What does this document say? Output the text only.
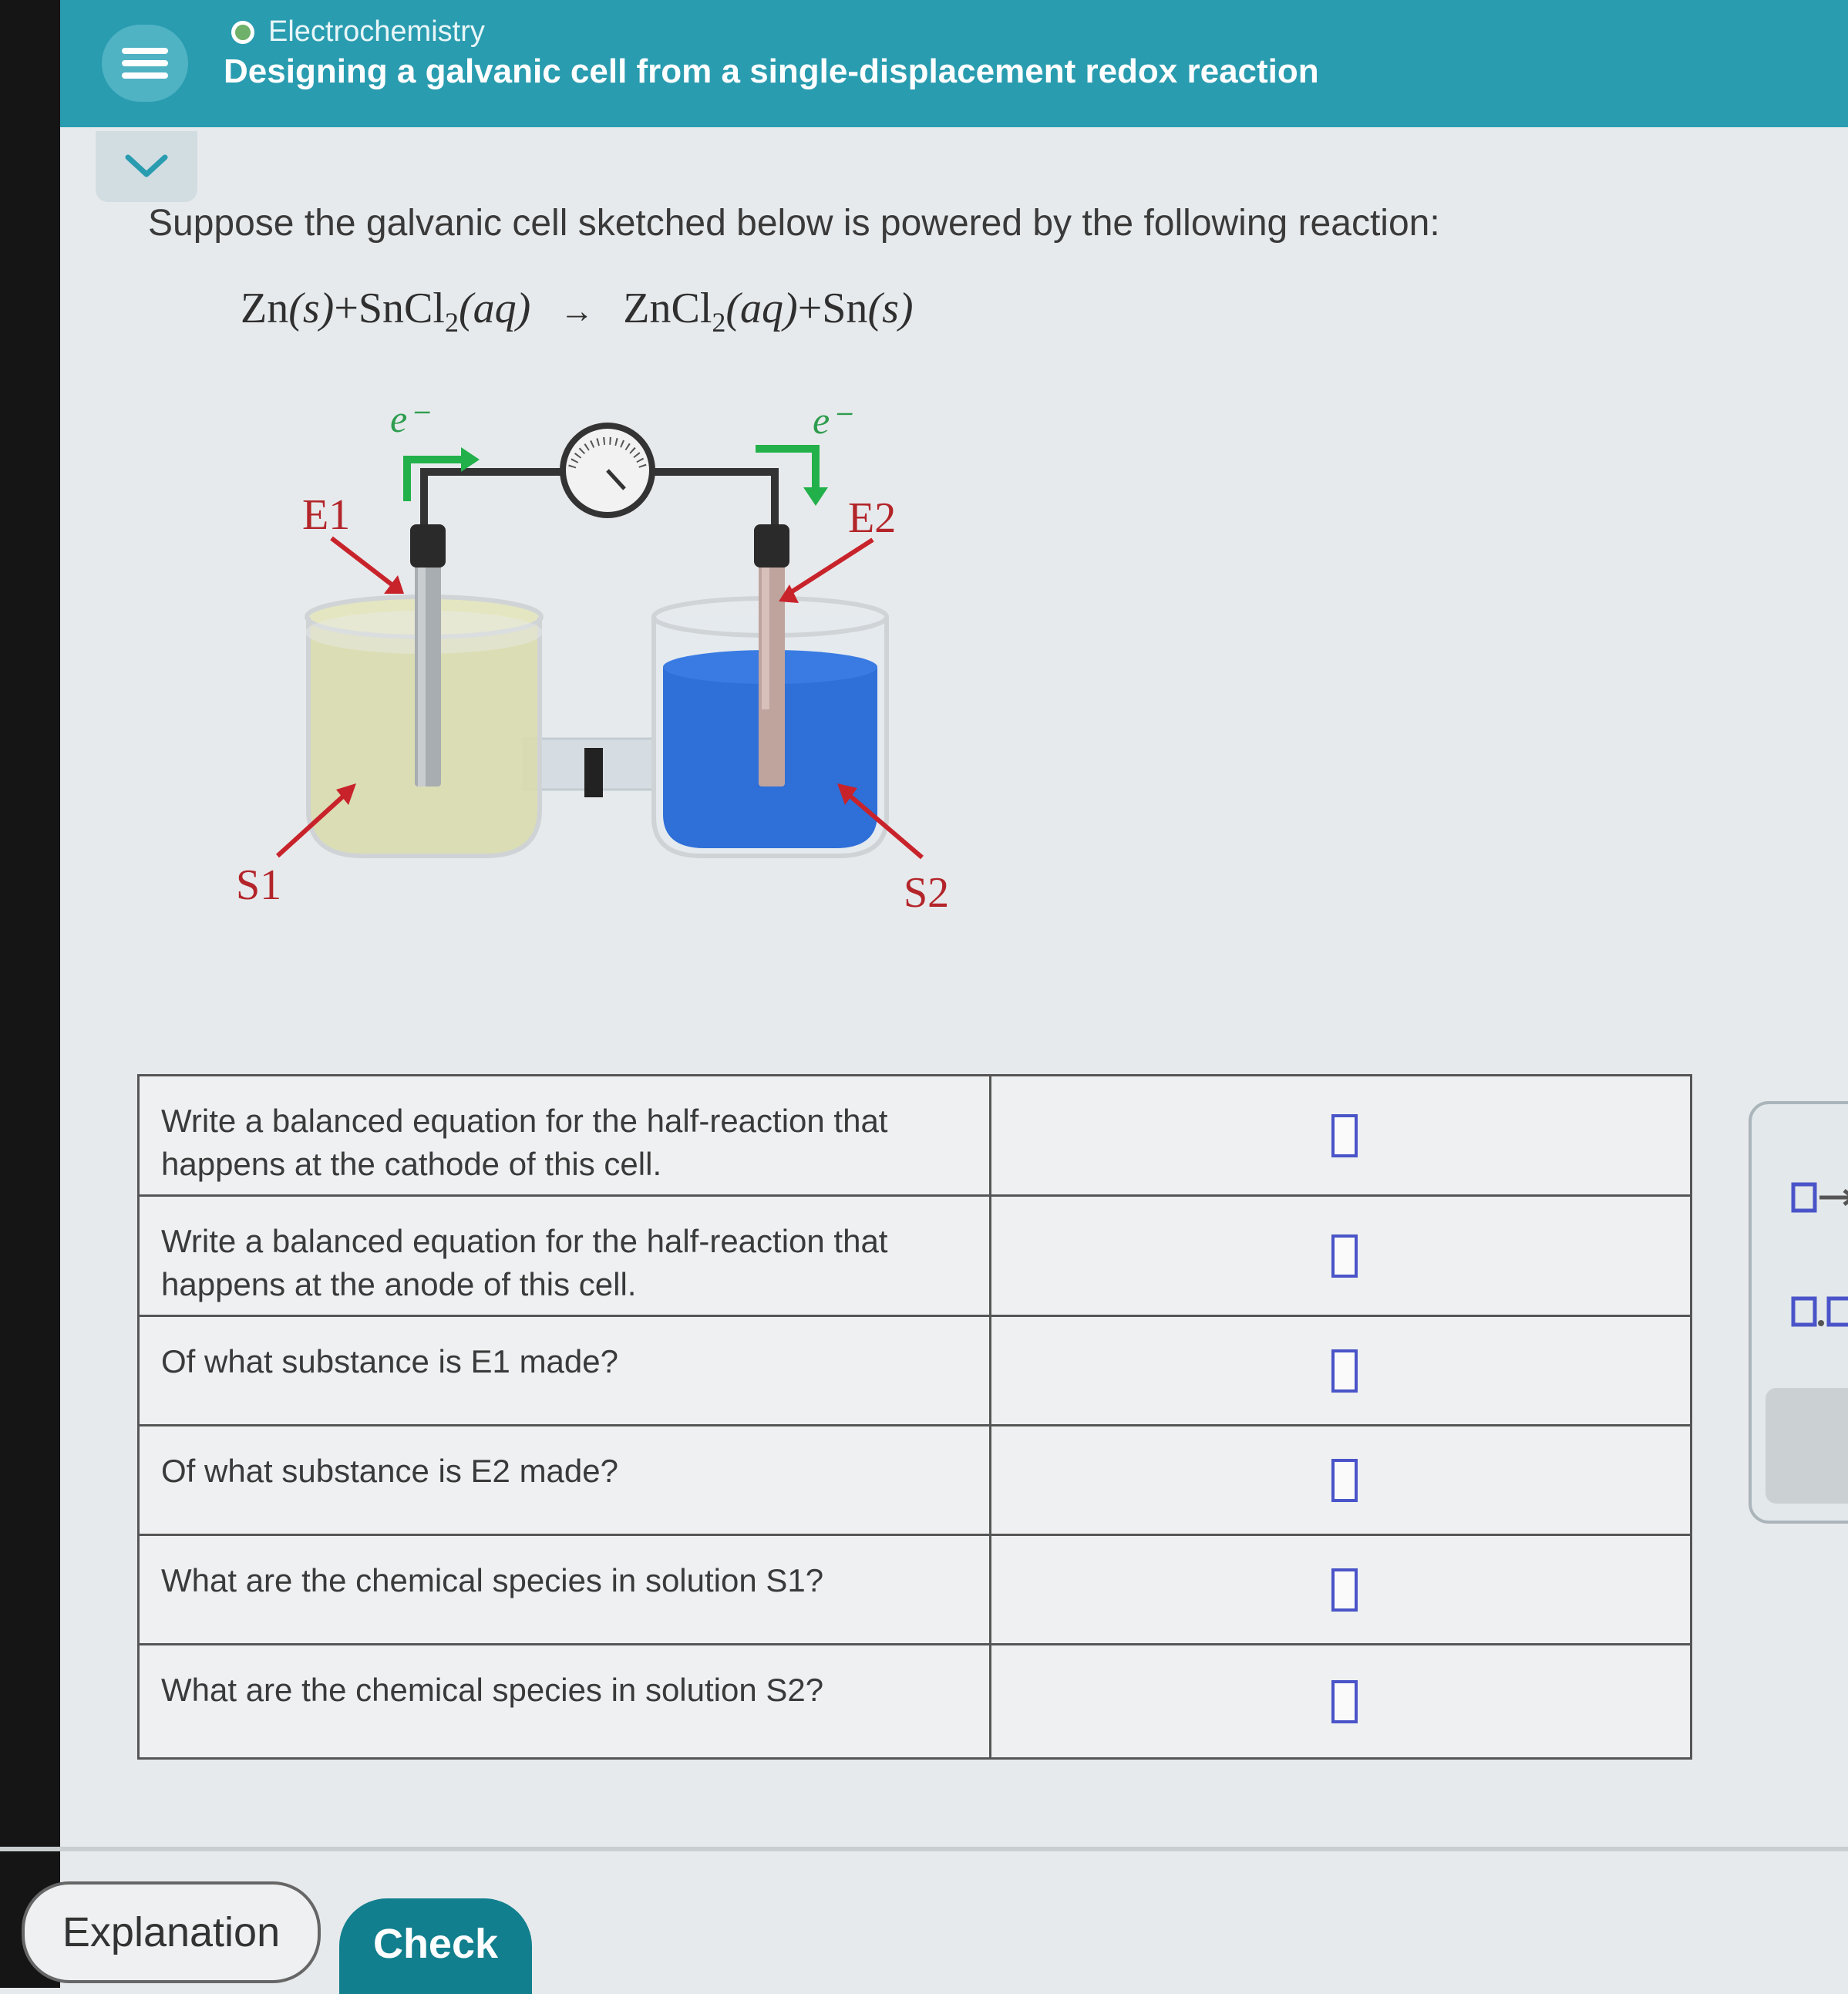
Electrochemistry
Designing a galvanic cell from a single-displacement redox reaction
Suppose the galvanic cell sketched below is powered by the following reaction:
Zn(s)+SnCl$_2$(aq) → ZnCl$_2$(aq)+Sn(s)
e⁻	e⁻
E1	E2
S1	S2
Write a balanced equation for the half-reaction that happens at the cathode of this cell.	

Write a balanced equation for the half-reaction that happens at the anode of this cell.	

Of what substance is E1 made?	

Of what substance is E2 made?	

What are the chemical species in solution S1?	

What are the chemical species in solution S2?	
Explanation	Check
